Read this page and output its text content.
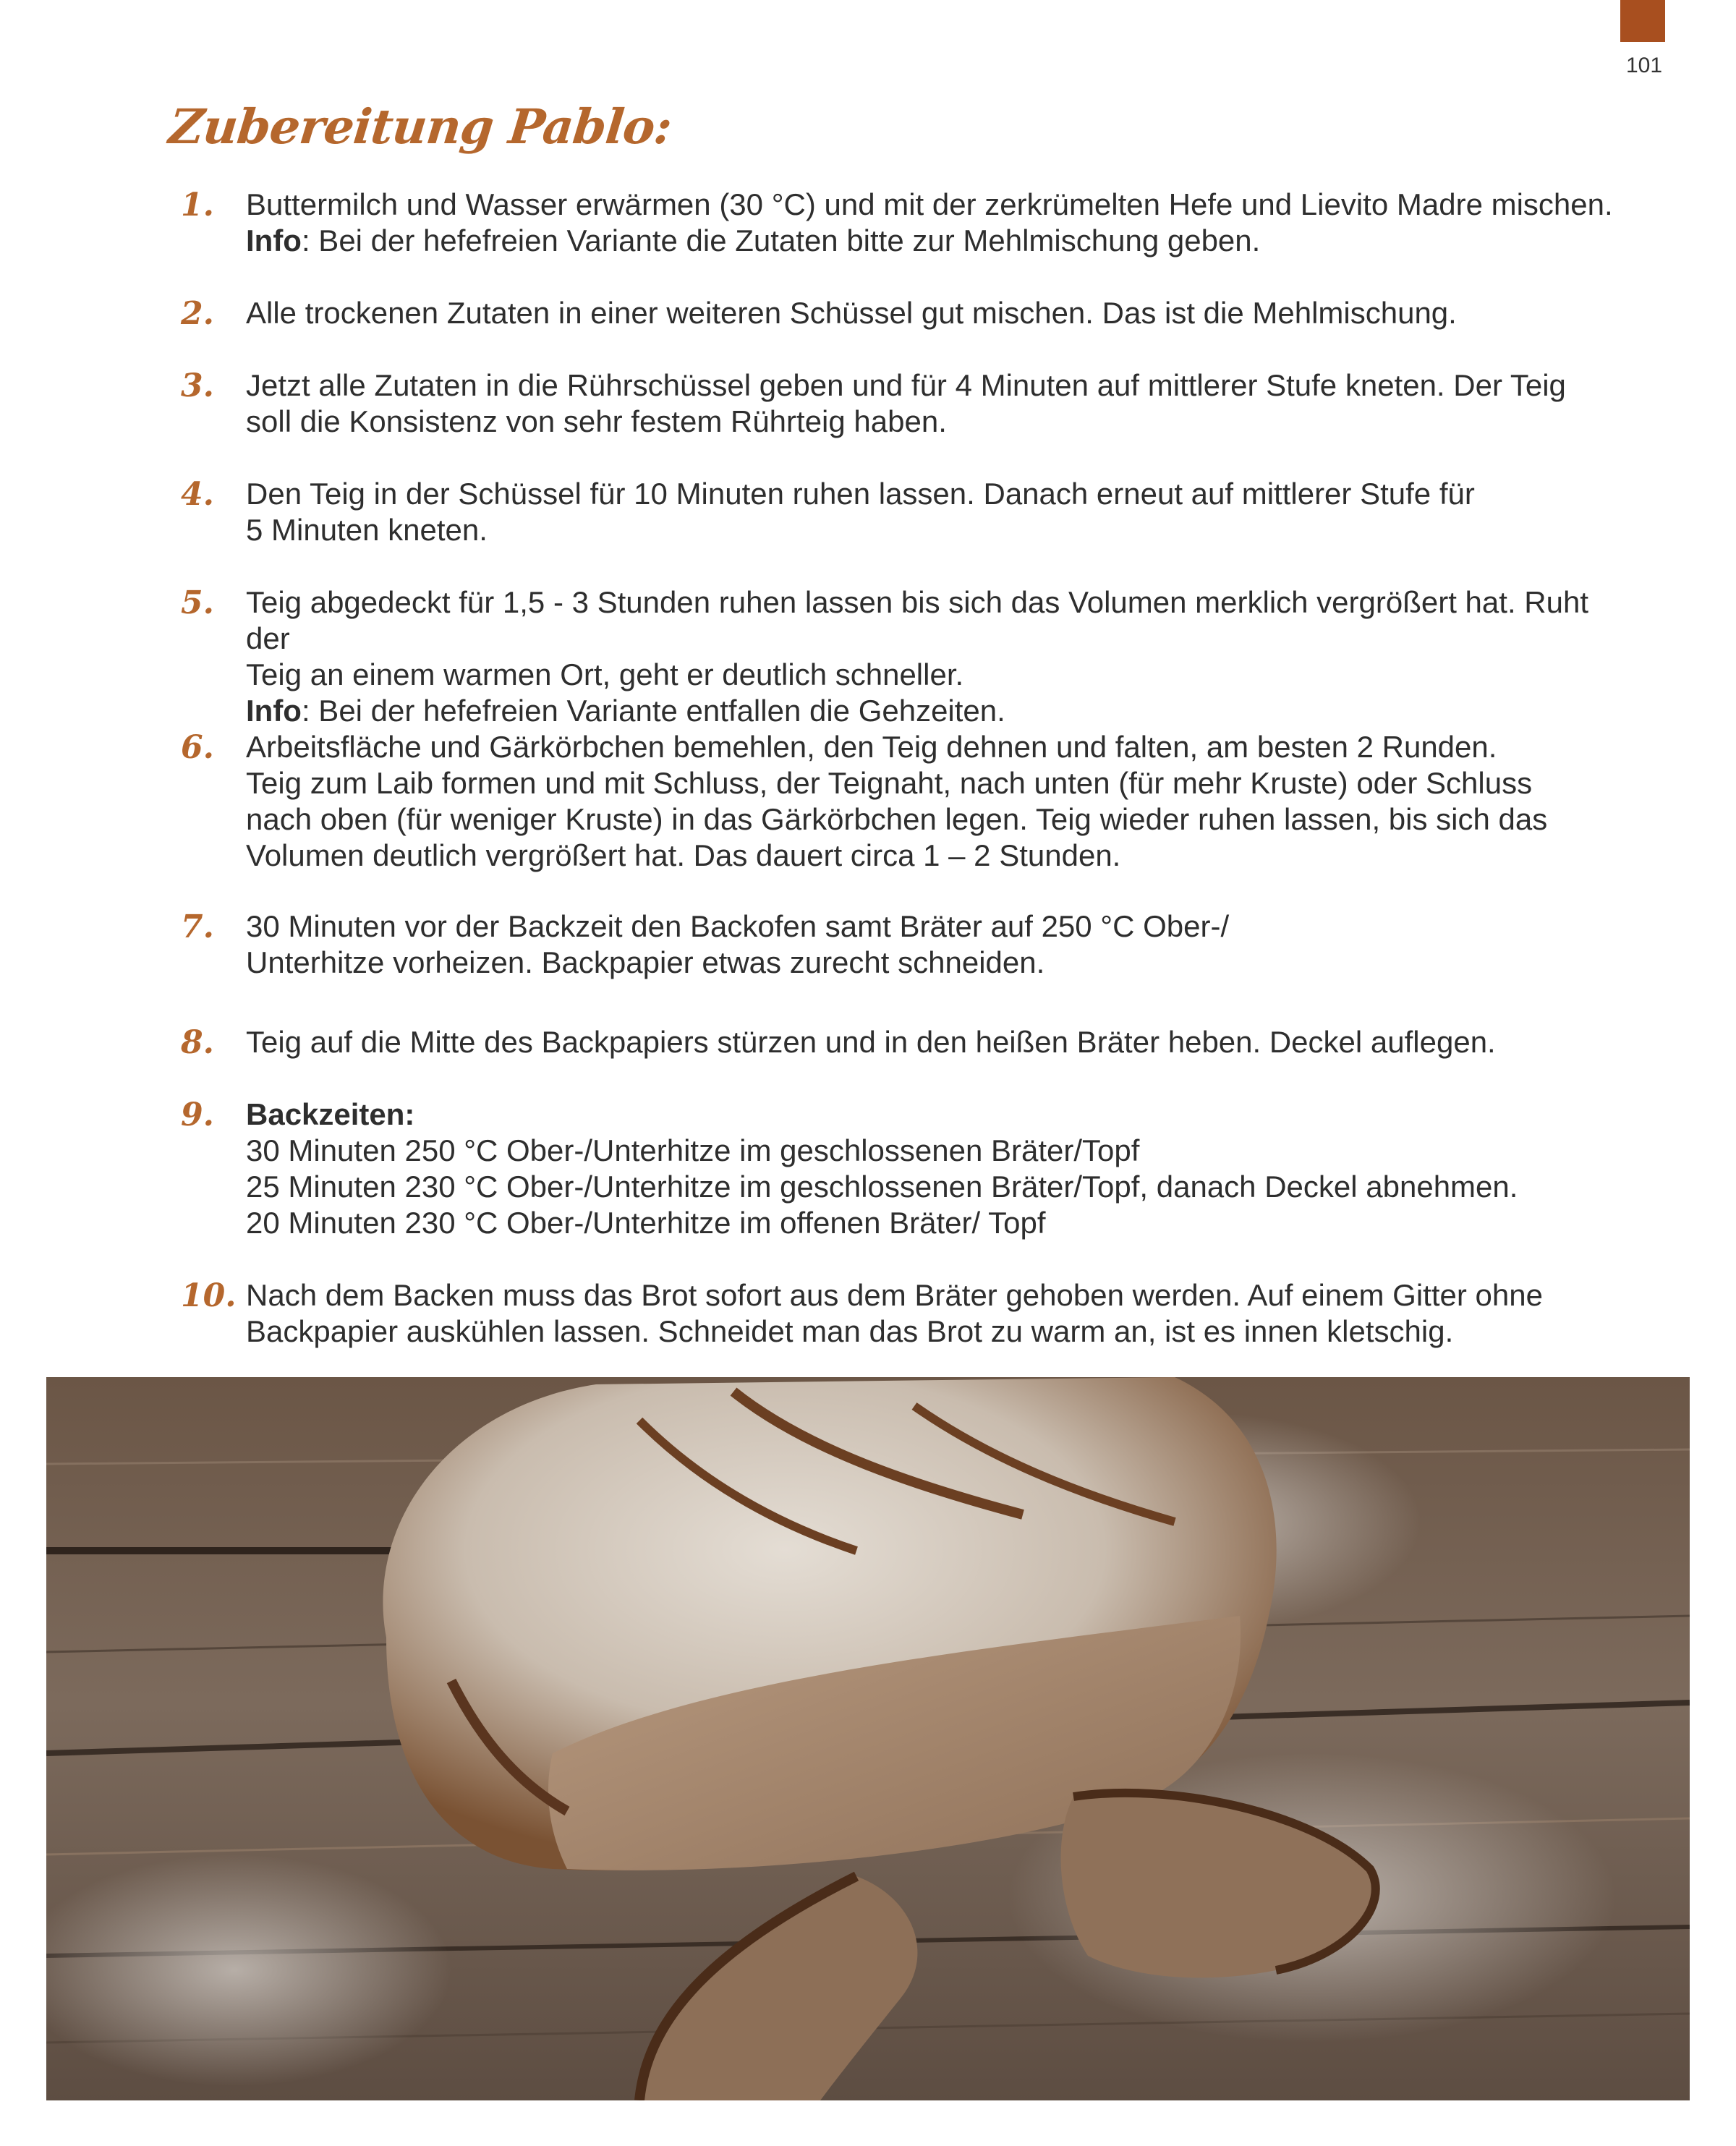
101
Zubereitung Pablo:
1.	Buttermilch und Wasser erwärmen (30 °C) und mit der zerkrümelten Hefe und Lievito Madre mischen.

Info: Bei der hefefreien Variante die Zutaten bitte zur Mehlmischung geben.

2.	Alle trockenen Zutaten in einer weiteren Schüssel gut mischen. Das ist die Mehlmischung.

3.	Jetzt alle Zutaten in die Rührschüssel geben und für 4 Minuten auf mittlerer Stufe kneten. Der Teig

soll die Konsistenz von sehr festem Rührteig haben.

4.	Den Teig in der Schüssel für 10 Minuten ruhen lassen. Danach erneut auf mittlerer Stufe für

5 Minuten kneten.

5.	Teig abgedeckt für 1,5 - 3 Stunden ruhen lassen bis sich das Volumen merklich vergrößert hat. Ruht der

Teig an einem warmen Ort, geht er deutlich schneller.

Info: Bei der hefefreien Variante entfallen die Gehzeiten.

6.	Arbeitsfläche und Gärkörbchen bemehlen, den Teig dehnen und falten, am besten 2 Runden.

Teig zum Laib formen und mit Schluss, der Teignaht, nach unten (für mehr Kruste) oder Schluss

nach oben (für weniger Kruste) in das Gärkörbchen legen. Teig wieder ruhen lassen, bis sich das

Volumen deutlich vergrößert hat. Das dauert circa 1 – 2 Stunden.

7.	30 Minuten vor der Backzeit den Backofen samt Bräter auf 250 °C Ober-/

Unterhitze vorheizen. Backpapier etwas zurecht schneiden.

8.	Teig auf die Mitte des Backpapiers stürzen und in den heißen Bräter heben. Deckel auflegen.

9.	Backzeiten:

30 Minuten 250 °C Ober-/Unterhitze im geschlossenen Bräter/Topf

25 Minuten 230 °C Ober-/Unterhitze im geschlossenen Bräter/Topf, danach Deckel abnehmen.

20 Minuten 230 °C Ober-/Unterhitze im offenen Bräter/ Topf

10. Nach dem Backen muss das Brot sofort aus dem Bräter gehoben werden. Auf einem Gitter ohne

Backpapier auskühlen lassen. Schneidet man das Brot zu warm an, ist es innen kletschig.
